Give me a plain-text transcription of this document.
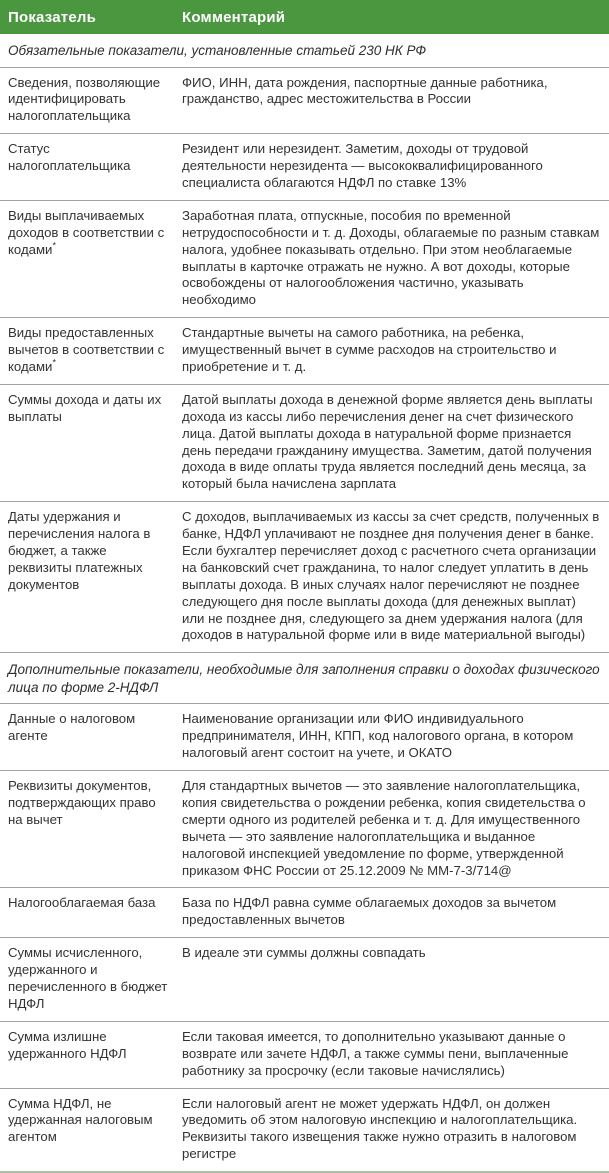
Показатель	Комментарий
Обязательные показатели, установленные статьей 230 НК РФ
Сведения, позволяющие идентифицировать налогоплательщика
ФИО, ИНН, дата рождения, паспортные данные работника, гражданство, адрес местожительства в России
Статус налогоплательщика
Резидент или нерезидент. Заметим, доходы от трудовой деятельности нерезидента — высококвалифицированного специалиста облагаются НДФЛ по ставке 13%
Виды выплачиваемых доходов в соответствии с кодами*
Заработная плата, отпускные, пособия по временной нетрудоспособности и т. д. Доходы, облагаемые по разным ставкам налога, удобнее показывать отдельно. При этом необлагаемые выплаты в карточке отражать не нужно. А вот доходы, которые освобождены от налогообложения частично, указывать необходимо
Виды предоставленных вычетов в соответствии с кодами*
Стандартные вычеты на самого работника, на ребенка, имущественный вычет в сумме расходов на строительство и приобретение и т. д.
Суммы дохода и даты их выплаты
Датой выплаты дохода в денежной форме является день выплаты дохода из кассы либо перечисления денег на счет физического лица. Датой выплаты дохода в натуральной форме признается день передачи гражданину имущества. Заметим, датой получения дохода в виде оплаты труда является последний день месяца, за который была начислена зарплата
Даты удержания и перечисления налога в бюджет, а также реквизиты платежных документов
С доходов, выплачиваемых из кассы за счет средств, полученных в банке, НДФЛ уплачивают не позднее дня получения денег в банке. Если бухгалтер перечисляет доход с расчетного счета организации на банковский счет гражданина, то налог следует уплатить в день выплаты дохода. В иных случаях налог перечисляют не позднее следующего дня после выплаты дохода (для денежных выплат) или не позднее дня, следующего за днем удержания налога (для доходов в натуральной форме или в виде материальной выгоды)
Дополнительные показатели, необходимые для заполнения справки о доходах физического лица по форме 2-НДФЛ
Данные о налоговом агенте
Наименование организации или ФИО индивидуального предпринимателя, ИНН, КПП, код налогового органа, в котором налоговый агент состоит на учете, и ОКАТО
Реквизиты документов, подтверждающих право на вычет
Для стандартных вычетов — это заявление налогоплательщика, копия свидетельства о рождении ребенка, копия свидетельства о смерти одного из родителей ребенка и т. д. Для имущественного вычета — это заявление налогоплательщика и выданное налоговой инспекцией уведомление по форме, утвержденной приказом ФНС России от 25.12.2009 № ММ-7-3/714@
Налогооблагаемая база	База по НДФЛ равна сумме облагаемых доходов за вычетом предоставленных вычетов
Суммы исчисленного, удержанного и перечисленного в бюджет НДФЛ
В идеале эти суммы должны совпадать
Сумма излишне удержанного НДФЛ
Если таковая имеется, то дополнительно указывают данные о возврате или зачете НДФЛ, а также суммы пени, выплаченные работнику за просрочку (если таковые начислялись)
Сумма НДФЛ, не удержанная налоговым агентом
Если налоговый агент не может удержать НДФЛ, он должен уведомить об этом налоговую инспекцию и налогоплательщика. Реквизиты такого извещения также нужно отразить в налоговом регистре
